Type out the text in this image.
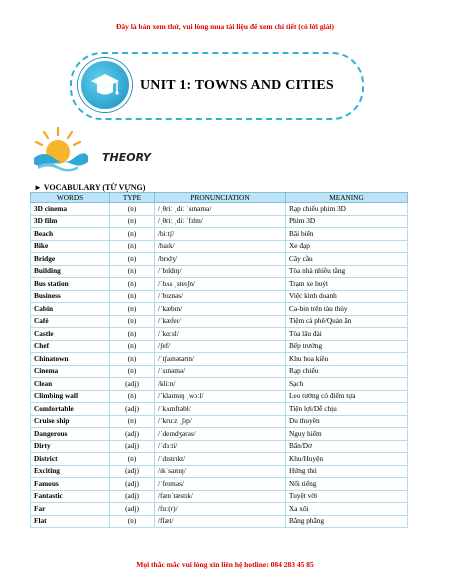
Đây là bản xem thử, vui lòng mua tài liệu để xem chi tiết (có lời giải)
UNIT 1: TOWNS AND CITIES
THEORY
► VOCABULARY (TỪ VỰNG)
WORDS	TYPE	PRONUNCIATION	MEANING
3D cinema	(n)	/ˌθriː ˌdiː ˈsɪnəmə/	Rạp chiếu phim 3D
3D film	(n)	/ˌθriː ˌdiː ˈfɪlm/	Phim 3D
Beach	(n)	/biːtʃ/	Bãi biển
Bike	(n)	/baɪk/	Xe đạp
Bridge	(n)	/brɪdʒ/	Cây cầu
Building	(n)	/ˈbɪldɪŋ/	Tòa nhà nhiều tầng
Bus station	(n)	/ˈbʌs ˌsteɪʃn/	Trạm xe buýt
Business	(n)	/ˈbɪznəs/	Việc kinh doanh
Cabin	(n)	/ˈkæbɪn/	Ca-bin trên tàu thủy
Café	(n)	/ˈkæfeɪ/	Tiệm cà phê/Quán ăn
Castle	(n)	/ˈkɑːsl/	Tòa lâu đài
Chef	(n)	/ʃef/	Bếp trưởng
Chinatown	(n)	/ˈtʃaɪnətaʊn/	Khu hoa kiều
Cinema	(n)	/ˈsɪnəmə/	Rạp chiếu
Clean	(adj)	/kliːn/	Sạch
Climbing wall	(n)	/ˈklaɪmɪŋ ˌwɔːl/	Leo tường có điểm tựa
Comfortable	(adj)	/ˈkʌmftəbl/	Tiện lợi/Dễ chịu
Cruise ship	(n)	/ˈkruːz ˌʃɪp/	Du thuyền
Dangerous	(adj)	/ˈdeɪndʒərəs/	Nguy hiểm
Dirty	(adj)	/ˈdɜːti/	Bẩn/Dơ
District	(n)	/ˈdɪstrɪkt/	Khu/Huyện
Exciting	(adj)	/ɪkˈsaɪtɪŋ/	Hứng thú
Famous	(adj)	/ˈfeɪməs/	Nổi tiếng
Fantastic	(adj)	/fænˈtæstɪk/	Tuyệt vời
Far	(adj)	/fɑː(r)/	Xa xôi
Flat	(n)	/flæt/	Bằng phẳng
Mọi thắc mắc vui lòng xin liên hệ hotline: 084 283 45 85
